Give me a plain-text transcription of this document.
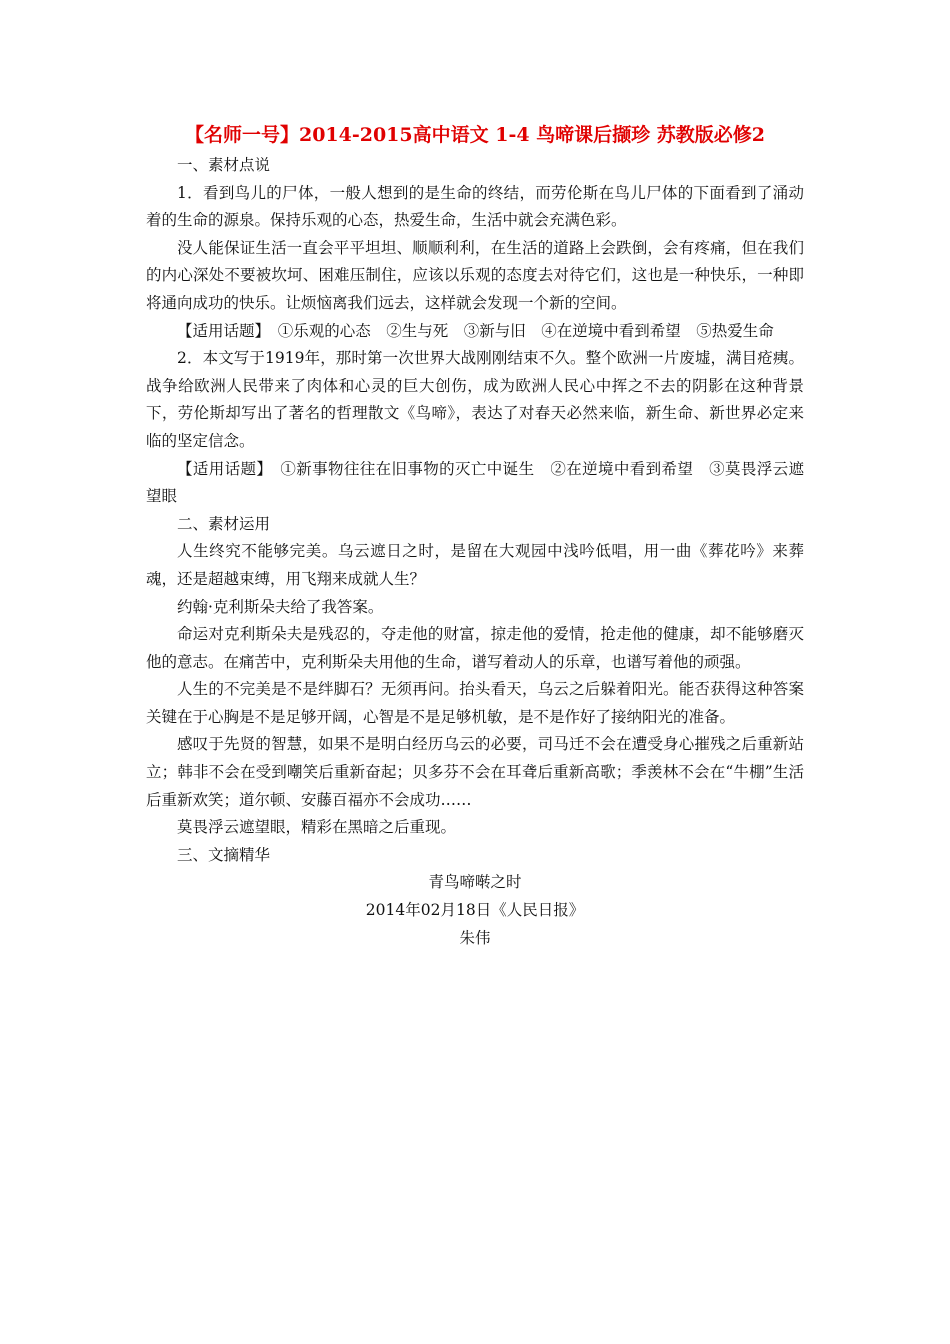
【名师一号】2014-2015高中语文 1-4 鸟啼课后撷珍 苏教版必修2

一、素材点说

1．看到鸟儿的尸体，一般人想到的是生命的终结，而劳伦斯在鸟儿尸体的下面看到了涌动着的生命的源泉。保持乐观的心态，热爱生命，生活中就会充满色彩。

没人能保证生活一直会平平坦坦、顺顺利利，在生活的道路上会跌倒，会有疼痛，但在我们的内心深处不要被坎坷、困难压制住，应该以乐观的态度去对待它们，这也是一种快乐，一种即将通向成功的快乐。让烦恼离我们远去，这样就会发现一个新的空间。

【适用话题】　①乐观的心态　②生与死　③新与旧　④在逆境中看到希望　⑤热爱生命

2．本文写于1919年，那时第一次世界大战刚刚结束不久。整个欧洲一片废墟，满目疮痍。战争给欧洲人民带来了肉体和心灵的巨大创伤，成为欧洲人民心中挥之不去的阴影在这种背景下，劳伦斯却写出了著名的哲理散文《鸟啼》，表达了对春天必然来临，新生命、新世界必定来临的坚定信念。

【适用话题】　①新事物往往在旧事物的灭亡中诞生　②在逆境中看到希望　③莫畏浮云遮望眼

二、素材运用

人生终究不能够完美。乌云遮日之时，是留在大观园中浅吟低唱，用一曲《葬花吟》来葬魂，还是超越束缚，用飞翔来成就人生？

约翰·克利斯朵夫给了我答案。

命运对克利斯朵夫是残忍的，夺走他的财富，掠走他的爱情，抢走他的健康，却不能够磨灭他的意志。在痛苦中，克利斯朵夫用他的生命，谱写着动人的乐章，也谱写着他的顽强。

人生的不完美是不是绊脚石？无须再问。抬头看天，乌云之后躲着阳光。能否获得这种答案关键在于心胸是不是足够开阔，心智是不是足够机敏，是不是作好了接纳阳光的准备。

感叹于先贤的智慧，如果不是明白经历乌云的必要，司马迁不会在遭受身心摧残之后重新站立；韩非不会在受到嘲笑后重新奋起；贝多芬不会在耳聋后重新高歌；季羡林不会在“牛棚”生活后重新欢笑；道尔顿、安藤百福亦不会成功……

莫畏浮云遮望眼，精彩在黑暗之后重现。

三、文摘精华

青鸟啼啭之时

2014年02月18日《人民日报》

朱伟
